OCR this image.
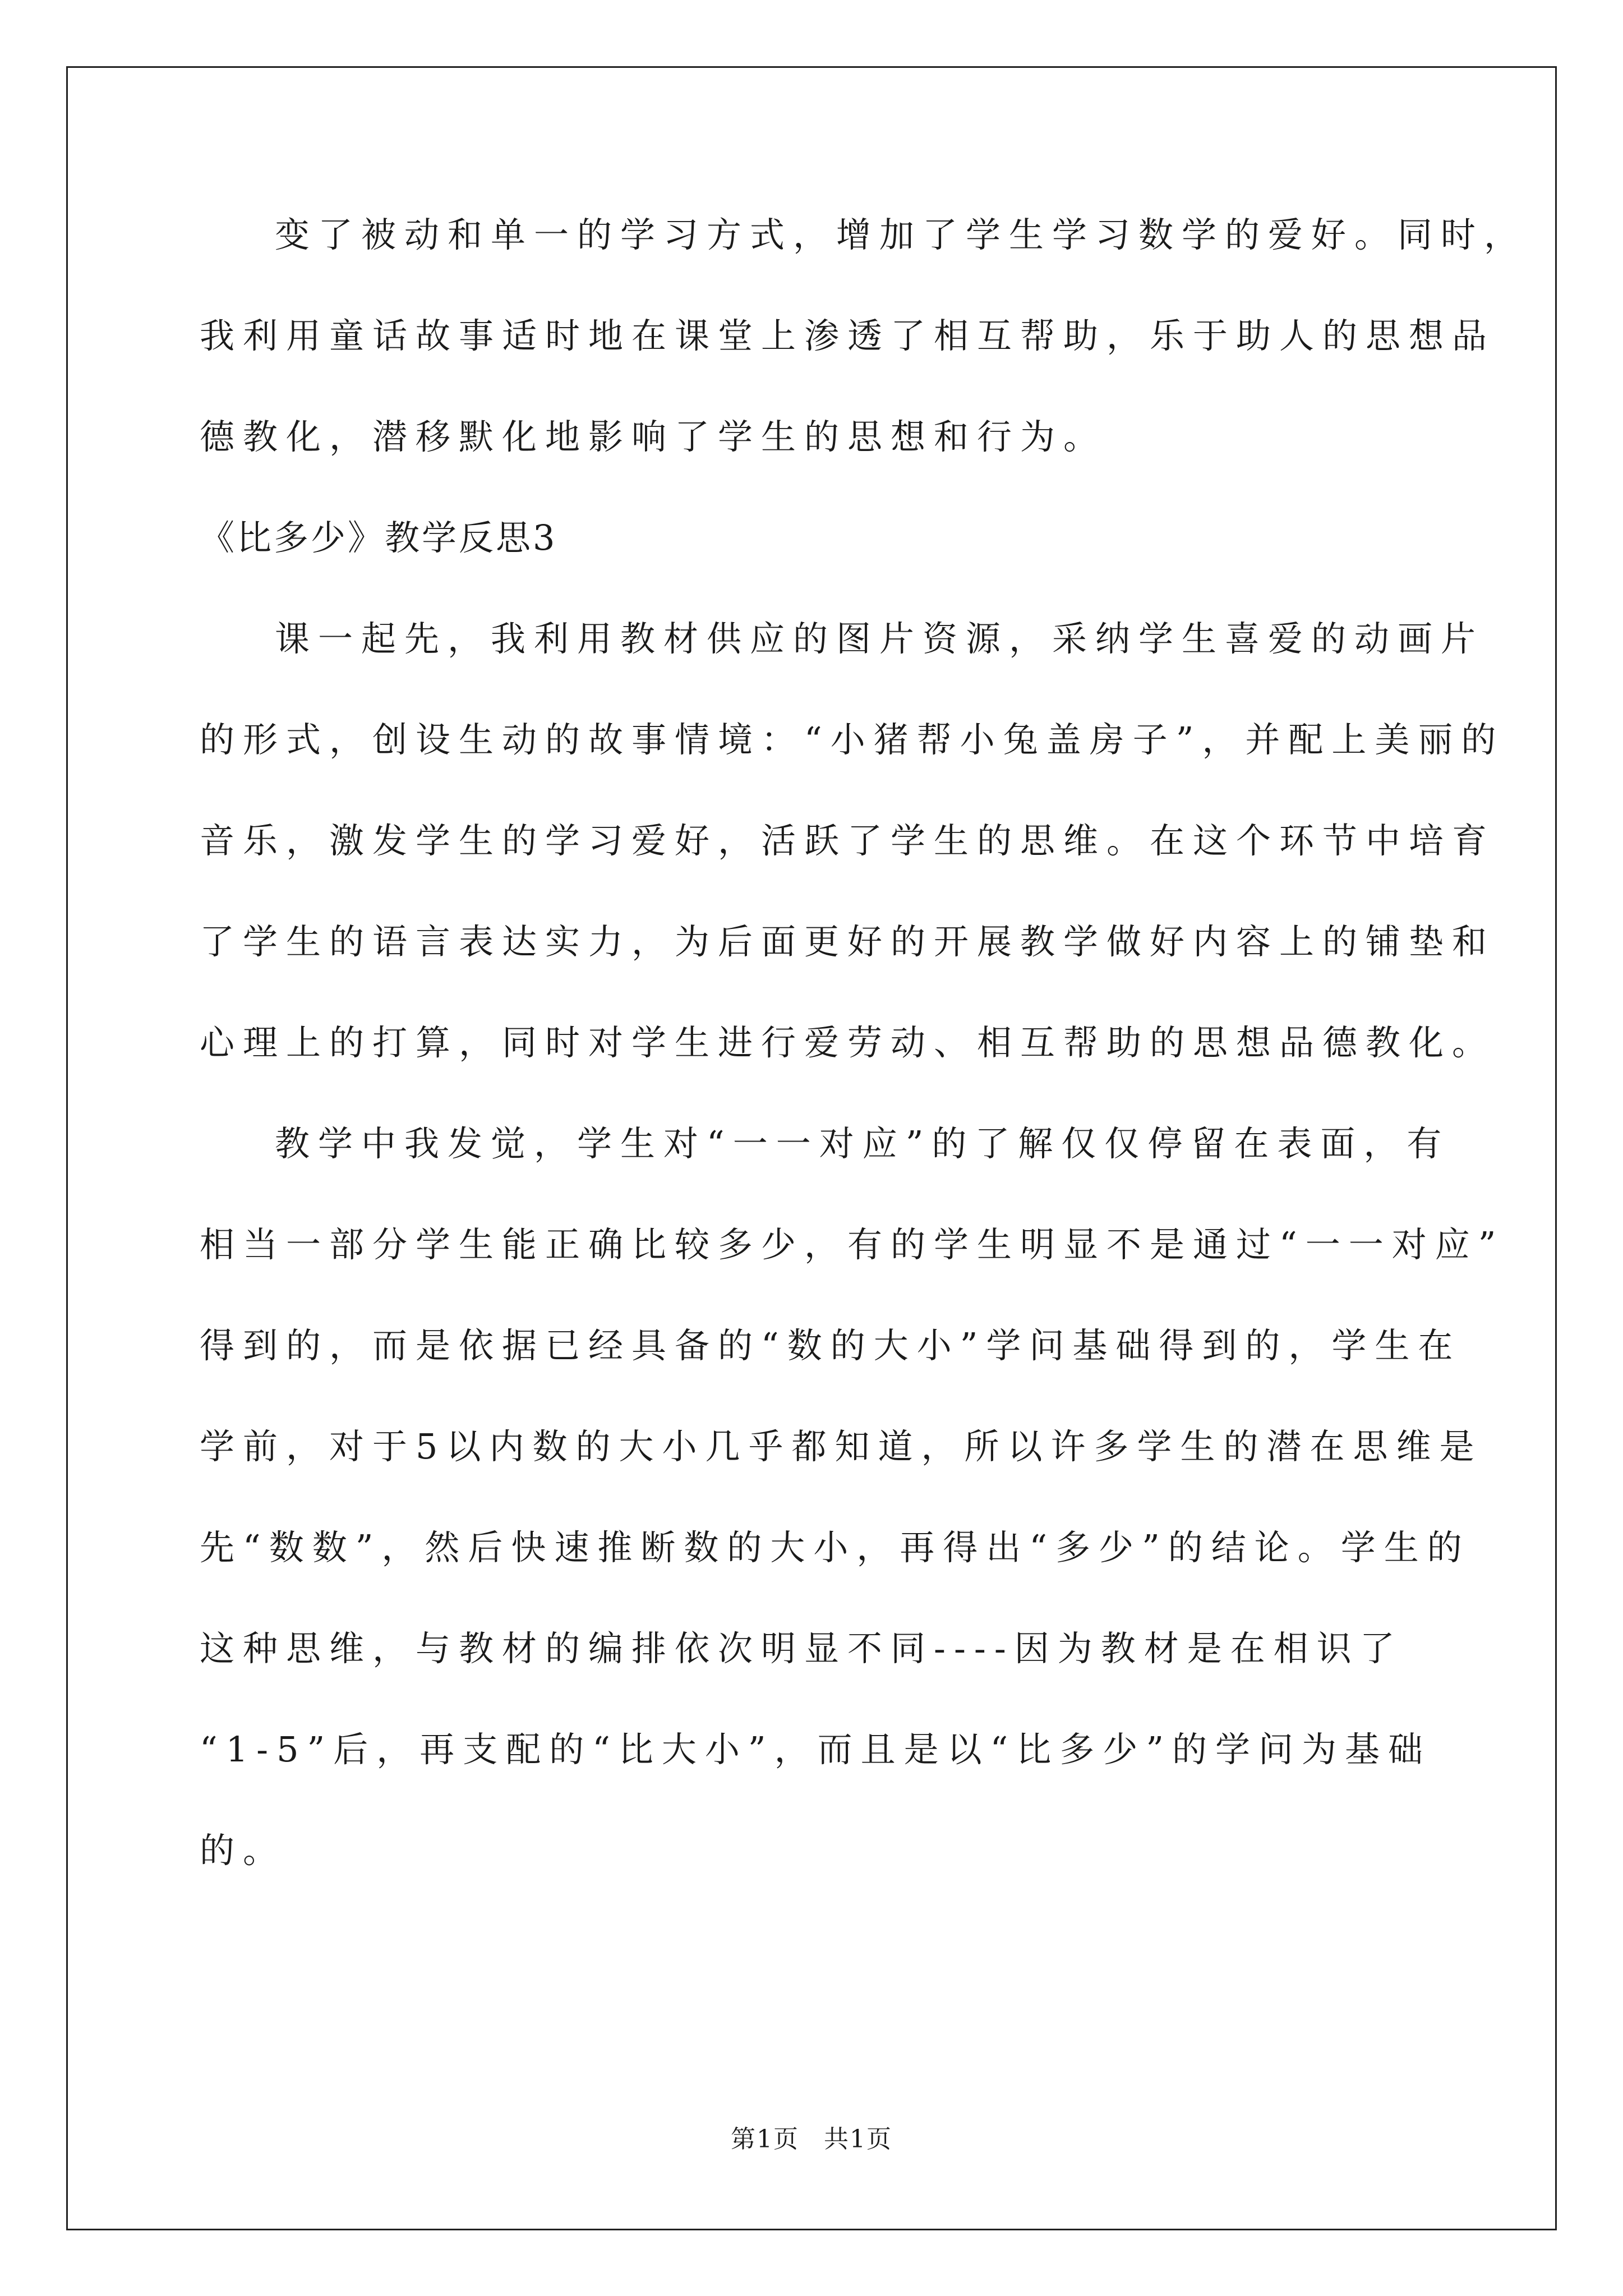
变了被动和单一的学习方式，增加了学生学习数学的爱好。同时，
我利用童话故事适时地在课堂上渗透了相互帮助，乐于助人的思想品
德教化，潜移默化地影响了学生的思想和行为。
《比多少》教学反思3
课一起先，我利用教材供应的图片资源，采纳学生喜爱的动画片
的形式，创设生动的故事情境：“小猪帮小兔盖房子”，并配上美丽的
音乐，激发学生的学习爱好，活跃了学生的思维。在这个环节中培育
了学生的语言表达实力，为后面更好的开展教学做好内容上的铺垫和
心理上的打算，同时对学生进行爱劳动、相互帮助的思想品德教化。
教学中我发觉，学生对“一一对应”的了解仅仅停留在表面，有
相当一部分学生能正确比较多少，有的学生明显不是通过“一一对应”
得到的，而是依据已经具备的“数的大小”学问基础得到的，学生在
学前，对于5以内数的大小几乎都知道，所以许多学生的潜在思维是
先“数数”，然后快速推断数的大小，再得出“多少”的结论。学生的
这种思维，与教材的编排依次明显不同----因为教材是在相识了
“1-5”后，再支配的“比大小”，而且是以“比多少”的学问为基础
的。
第1页 共1页
